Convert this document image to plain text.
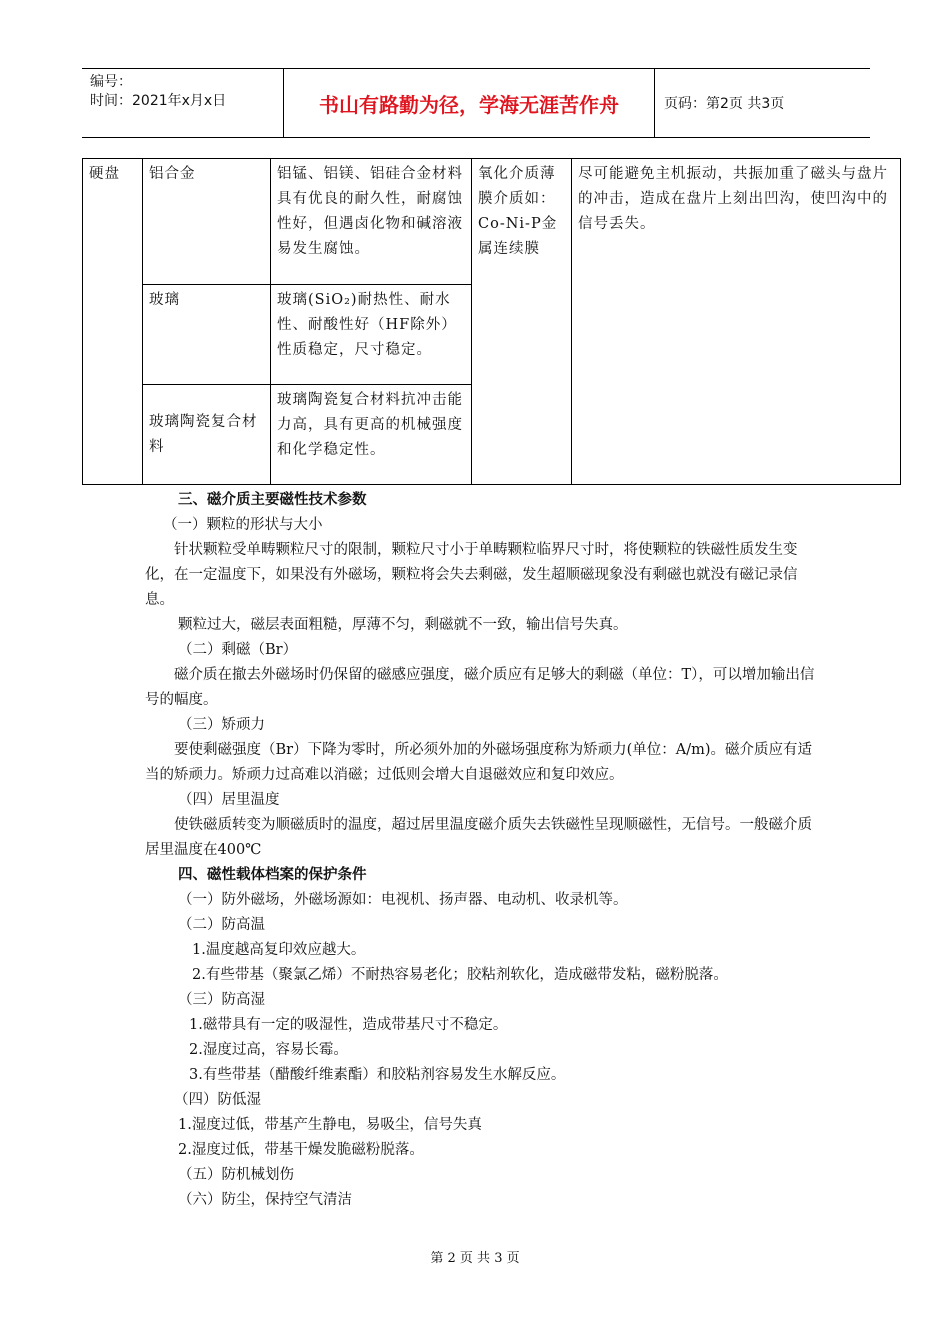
编号：
时间：2021年x月x日	书山有路勤为径，学海无涯苦作舟	页码：第2页 共3页
硬盘	铝合金	铝锰、铝镁、铝硅合金材料具有优良的耐久性，耐腐蚀性好，但遇卤化物和碱溶液易发生腐蚀。	氧化介质薄膜介质如：Co-Ni-P金属连续膜	尽可能避免主机振动，共振加重了磁头与盘片的冲击，造成在盘片上刻出凹沟，使凹沟中的信号丢失。
	玻璃	玻璃(SiO₂)耐热性、耐水性、耐酸性好（HF除外）性质稳定，尺寸稳定。		
	玻璃陶瓷复合材料	玻璃陶瓷复合材料抗冲击能力高，具有更高的机械强度和化学稳定性。		

三、磁介质主要磁性技术参数

（一）颗粒的形状与大小

针状颗粒受单畴颗粒尺寸的限制，颗粒尺寸小于单畴颗粒临界尺寸时，将使颗粒的铁磁性质发生变化，在一定温度下，如果没有外磁场，颗粒将会失去剩磁，发生超顺磁现象没有剩磁也就没有磁记录信息。

颗粒过大，磁层表面粗糙，厚薄不匀，剩磁就不一致，输出信号失真。

（二）剩磁（Br）

磁介质在撤去外磁场时仍保留的磁感应强度，磁介质应有足够大的剩磁（单位：T），可以增加输出信号的幅度。

（三）矫顽力

要使剩磁强度（Br）下降为零时，所必须外加的外磁场强度称为矫顽力(单位：A/m)。磁介质应有适当的矫顽力。矫顽力过高难以消磁；过低则会增大自退磁效应和复印效应。

（四）居里温度

使铁磁质转变为顺磁质时的温度，超过居里温度磁介质失去铁磁性呈现顺磁性，无信号。一般磁介质居里温度在400℃

四、磁性载体档案的保护条件

（一）防外磁场，外磁场源如：电视机、扬声器、电动机、收录机等。

（二）防高温

1.温度越高复印效应越大。

2.有些带基（聚氯乙烯）不耐热容易老化；胶粘剂软化，造成磁带发粘，磁粉脱落。

（三）防高湿

1.磁带具有一定的吸湿性，造成带基尺寸不稳定。

2.湿度过高，容易长霉。

3.有些带基（醋酸纤维素酯）和胶粘剂容易发生水解反应。

（四）防低湿

1.湿度过低，带基产生静电，易吸尘，信号失真

2.湿度过低，带基干燥发脆磁粉脱落。

（五）防机械划伤

（六）防尘，保持空气清洁

第 2 页 共 3 页
